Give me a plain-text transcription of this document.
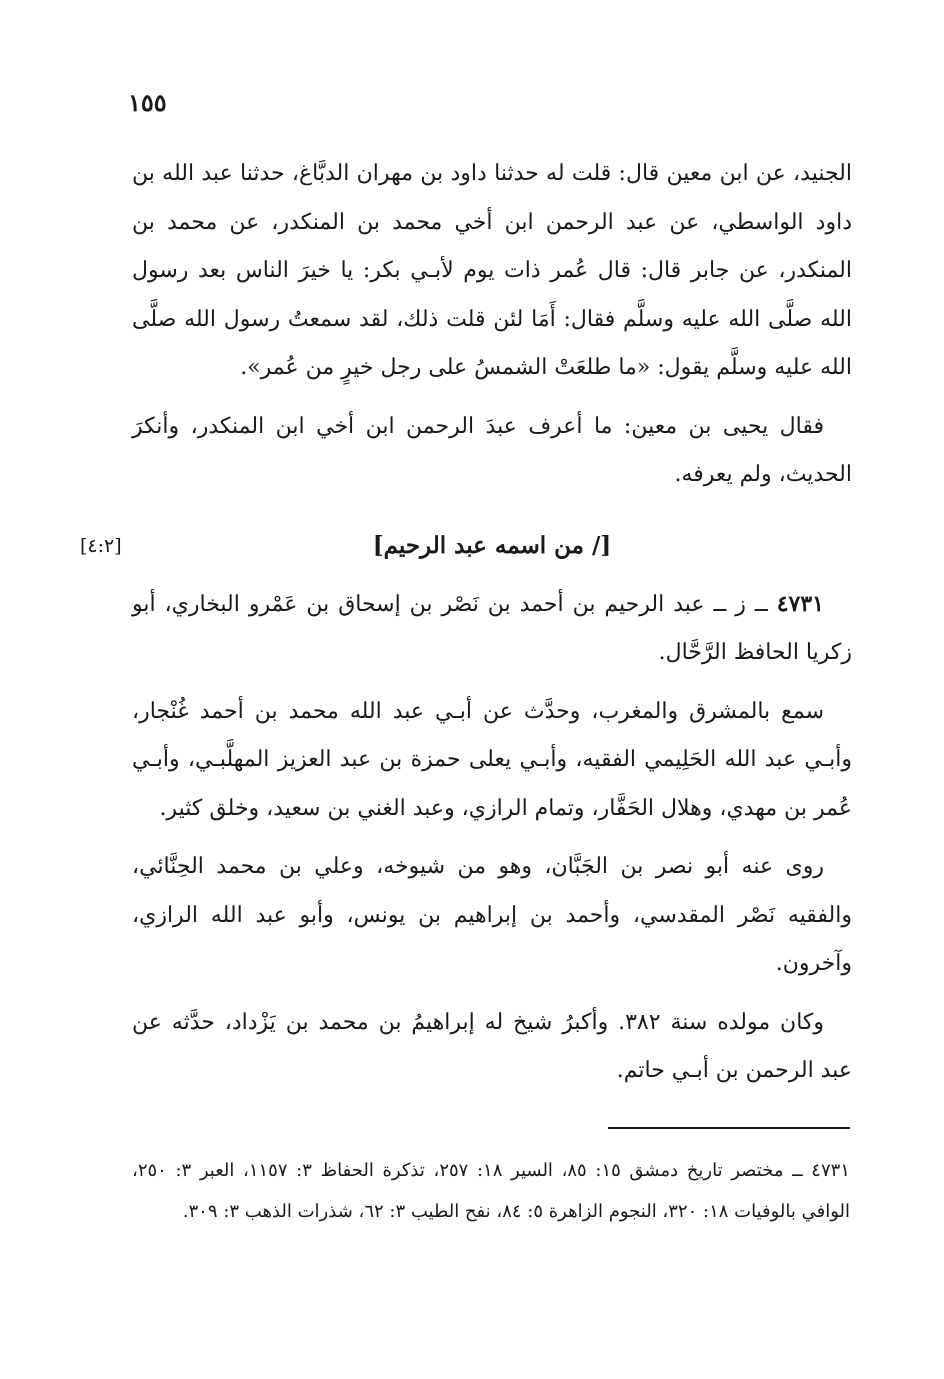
١٥٥

الجنيد، عن ابن معين قال: قلت له حدثنا داود بن مهران الدبَّاغ، حدثنا عبد الله بن داود الواسطي، عن عبد الرحمن ابن أخي محمد بن المنكدر، عن محمد بن المنكدر، عن جابر قال: قال عُمر ذات يوم لأبـي بكر: يا خيرَ الناس بعد رسول الله صلَّى الله عليه وسلَّم فقال: أَمَا لئن قلت ذلك، لقد سمعتُ رسول الله صلَّى الله عليه وسلَّم يقول: «ما طلعَتْ الشمسُ على رجل خيرٍ من عُمر».

فقال يحيى بن معين: ما أعرف عبدَ الرحمن ابن أخي ابن المنكدر، وأنكرَ الحديث، ولم يعرفه.

[/ من اسمه عبد الرحيم]
[٤:٢]

٤٧٣١ ــ ز ــ عبد الرحيم بن أحمد بن نَصْر بن إسحاق بن عَمْرو البخاري، أبو زكريا الحافظ الرَّحَّال.

سمع بالمشرق والمغرب، وحدَّث عن أبـي عبد الله محمد بن أحمد غُنْجار، وأبـي عبد الله الحَلِيمي الفقيه، وأبـي يعلى حمزة بن عبد العزيز المهلَّبـي، وأبـي عُمر بن مهدي، وهلال الحَفَّار، وتمام الرازي، وعبد الغني بن سعيد، وخلق كثير.

روى عنه أبو نصر بن الجَبَّان، وهو من شيوخه، وعلي بن محمد الحِنَّائي، والفقيه نَصْر المقدسي، وأحمد بن إبراهيم بن يونس، وأبو عبد الله الرازي، وآخرون.

وكان مولده سنة ٣٨٢. وأكبرُ شيخ له إبراهيمُ بن محمد بن يَزْداد، حدَّثه عن عبد الرحمن بن أبـي حاتم.

٤٧٣١ ــ مختصر تاريخ دمشق ١٥: ٨٥، السير ١٨: ٢٥٧، تذكرة الحفاظ ٣: ١١٥٧، العبر ٣: ٢٥٠، الوافي بالوفيات ١٨: ٣٢٠، النجوم الزاهرة ٥: ٨٤، نفح الطيب ٣: ٦٢، شذرات الذهب ٣: ٣٠٩.
